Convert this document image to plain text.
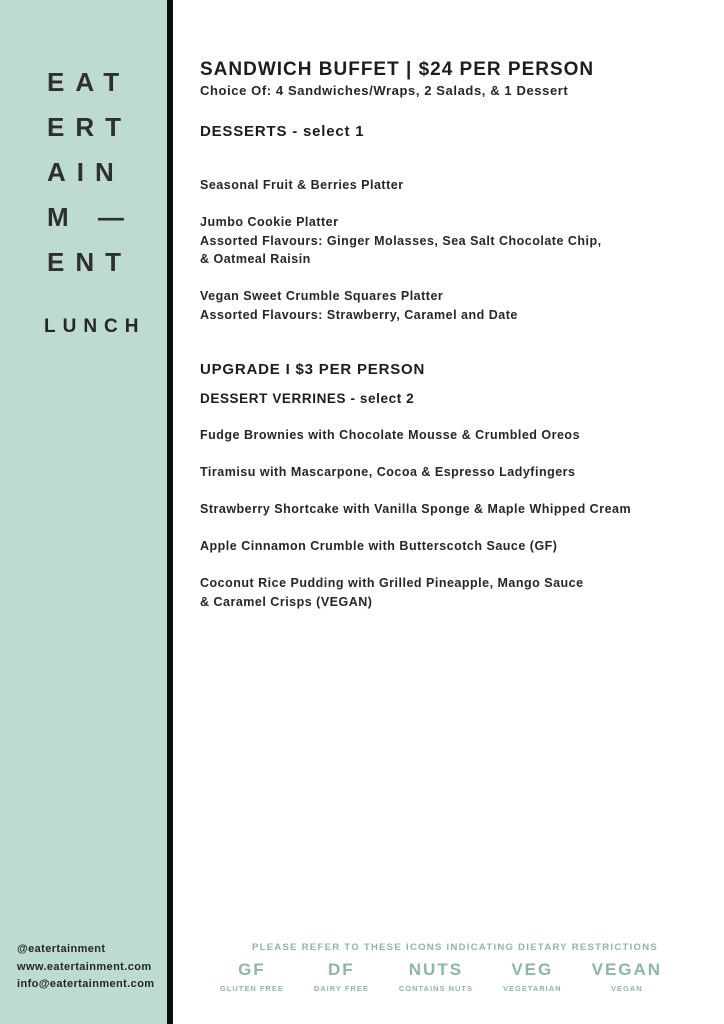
EAT
ERT
AIN
M —
ENT
LUNCH
@eatertainment
www.eatertainment.com
info@eatertainment.com
SANDWICH BUFFET | $24 PER PERSON
Choice Of: 4 Sandwiches/Wraps, 2 Salads, & 1 Dessert
DESSERTS - select 1
Seasonal Fruit & Berries Platter
Jumbo Cookie Platter
Assorted Flavours: Ginger Molasses, Sea Salt Chocolate Chip,
& Oatmeal Raisin
Vegan Sweet Crumble Squares Platter
Assorted Flavours: Strawberry, Caramel and Date
UPGRADE I $3 PER PERSON
DESSERT VERRINES - select 2
Fudge Brownies with Chocolate Mousse & Crumbled Oreos
Tiramisu with Mascarpone, Cocoa & Espresso Ladyfingers
Strawberry Shortcake with Vanilla Sponge & Maple Whipped Cream
Apple Cinnamon Crumble with Butterscotch Sauce (GF)
Coconut Rice Pudding with Grilled Pineapple, Mango Sauce
& Caramel Crisps (VEGAN)
PLEASE REFER TO THESE ICONS INDICATING DIETARY RESTRICTIONS
GF
GLUTEN FREE
DF
DAIRY FREE
NUTS
CONTAINS NUTS
VEG
VEGETARIAN
VEGAN
VEGAN
